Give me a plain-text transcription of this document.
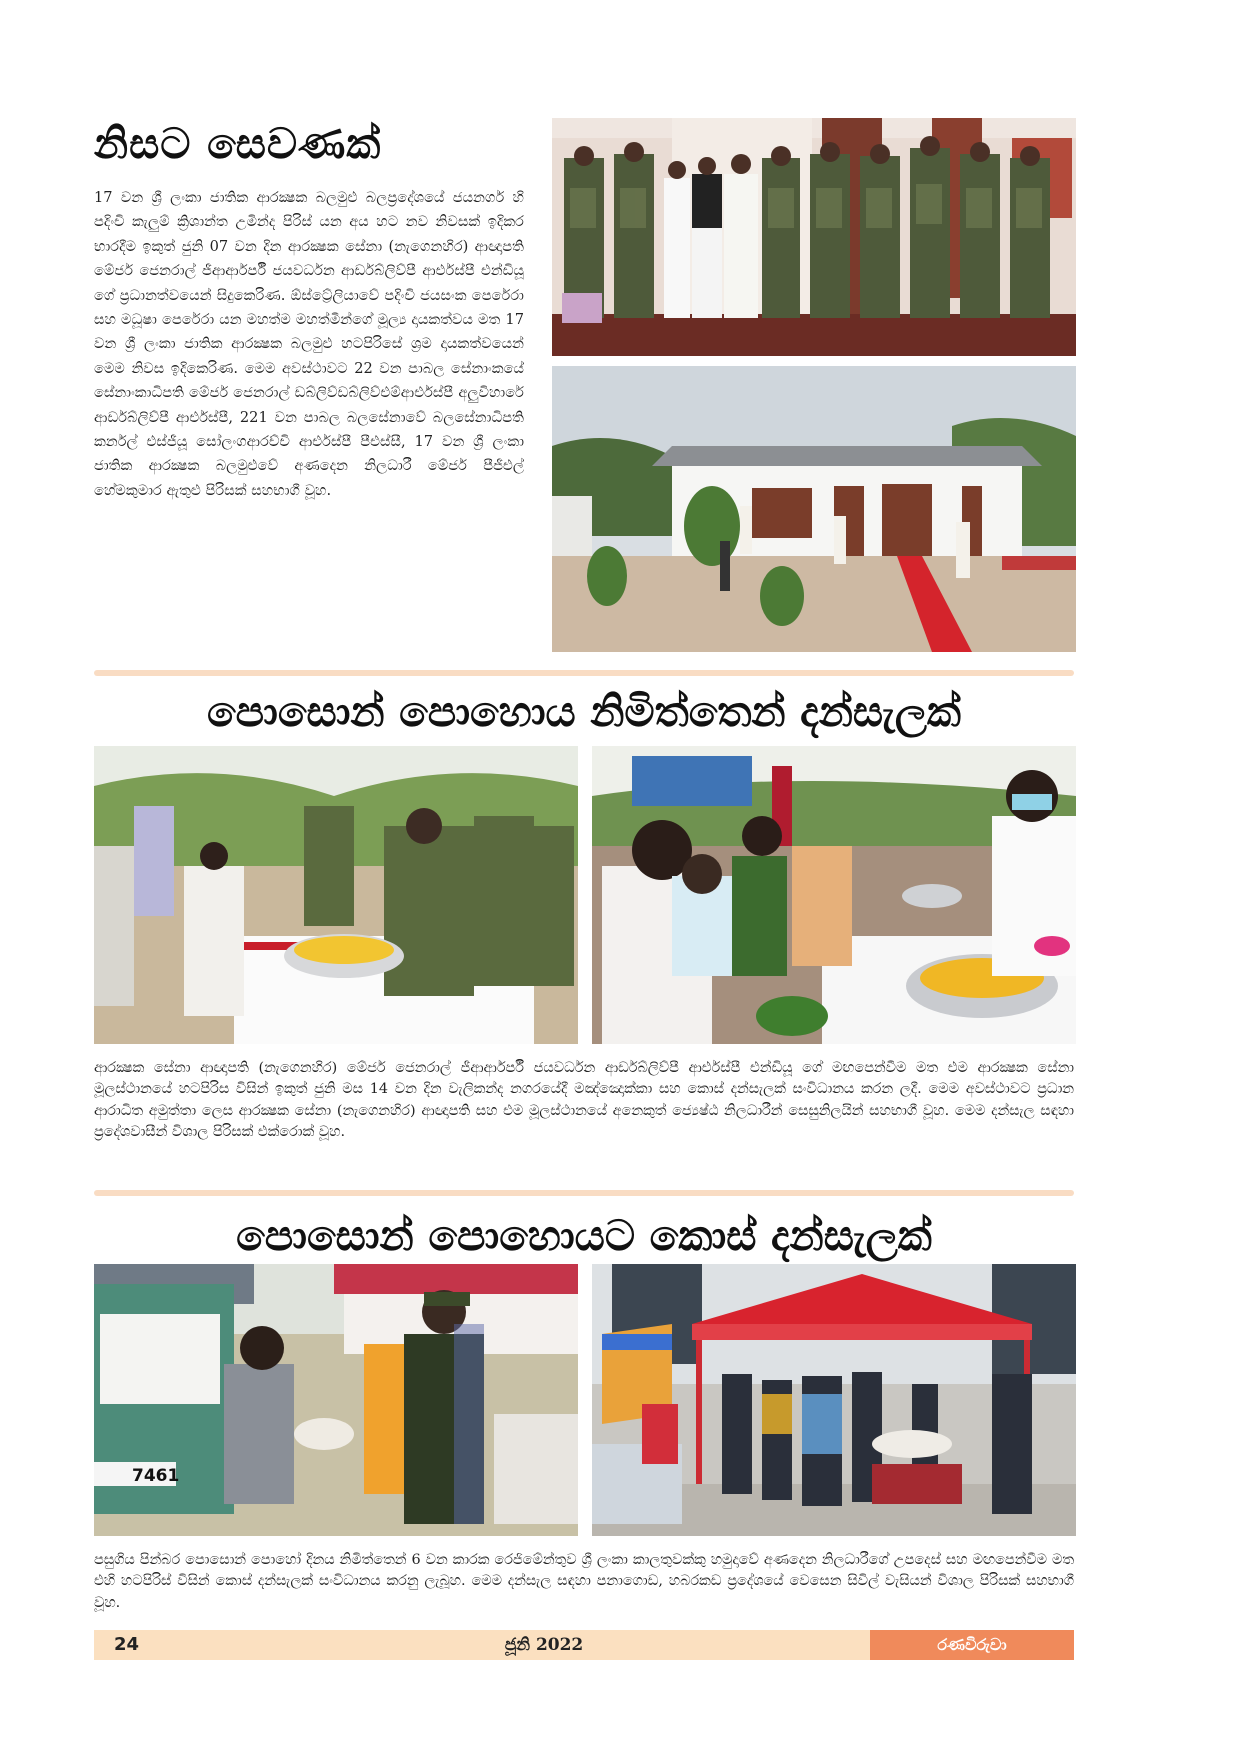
නිසට සෙවණක්
17 වන ශ්‍රී ලංකා ජාතික ආරක්‍ෂක බලමුළු බලප්‍රදේශයේ ජයනගර් හි පදිංචි කැලුම් ක්‍රිශාන්ත උමින්ද පිරිස් යන අය හට නව නිවසක් ඉදිකර භාරදීම ඉකුත් ජුනි 07 වන දින ආරක්‍ෂක සේනා (නැගෙනහිර) ආඥාපති මේජර් ජෙනරාල් ජීආර්ආර්පී ජයවර්ධන ආර්ඩබ්ලිව්පී ආර්එස්පී එන්ඩියූ ගේ ප්‍රධානත්වයෙන් සිදුකෙරිණ. ඕස්ට්‍රේලියාවේ පදිංචි ජයසංක පෙරේරා සහ මධූෂා පෙරේරා යන මහත්ම මහත්මීන්ගේ මූල්‍ය දායකත්වය මත 17 වන ශ්‍රී ලංකා ජාතික ආරක්‍ෂක බලමුළු හටපිරිසේ ශ්‍රම දායකත්වයෙන් මෙම නිවස ඉදිකෙරිණ. මෙම අවස්ථාවට 22 වන පාබල සේනාංකයේ සේනාංකාධිපති මේජර් ජෙනරාල් ඩබ්ලිව්ඩබ්ලිව්එම්ආර්එස්පී අලුවිහාරේ ආර්ඩබ්ලිව්පී ආර්එස්පී, 221 වන පාබල බලසේනාවේ බලසේනාධිපති කර්නල් එස්ජීයූ සෝලංගආරච්චි ආර්එස්පී පීඑස්සී, 17 වන ශ්‍රී ලංකා ජාතික ආරක්‍ෂක බලමුළුවේ අණදෙන නිලධාරී මේජර් පීජීඑල් හේමකුමාර ඇතුළු පිරිසක් සහභාගී වූහ.
පොසොන් පොහොය නිමිත්තෙන් දන්සැලක්
ආරක්‍ෂක සේනා ආඥාපති (නැගෙනහිර) මේජර් ජෙනරාල් ජීආර්ආර්පී ජයවර්ධන ආර්ඩබ්ලිව්පී ආර්එස්පී එන්ඩියූ ගේ මඟපෙන්වීම මත එම ආරක්‍ෂක සේනා මූලස්ථානයේ හටපිරිස විසින් ඉකුත් ජුනි මස 14 වන දින වැලිකන්ද නගරයේදී මඤ්ඤොක්කා සහ කොස් දන්සැලක් සංවිධානය කරන ලදී. මෙම අවස්ථාවට ප්‍රධාන ආරාධිත අමුත්තා ලෙස ආරක්‍ෂක සේනා (නැගෙනහිර) ආඥාපති සහ එම මූලස්ථානයේ අනෙකුත් ජ්‍යෙෂ්ඨ නිලධාරීන් සෙසුනිලයින් සහභාගී වූහ. මෙම දන්සැල සඳහා ප්‍රදේශවාසීන් විශාල පිරිසක් එක්රොක් වූහ.
පොසොන් පොහොයට කොස් දන්සැලක්
7461
පසුගිය පින්බර පොසොන් පොහෝ දිනය නිමිත්තෙන් 6 වන කාරක රෙජිමේන්තුව ශ්‍රී ලංකා කාලතුවක්කු හමුදාවේ අණදෙන නිලධාරීගේ උපදෙස් සහ මඟපෙන්වීම මත එහි හටපිරිස් විසින් කොස් දන්සැලක් සංවිධානය කරනු ලැබූහ. මෙම දන්සැල සඳහා පනාගොඩ, හබරකඩ ප්‍රදේශයේ වෙසෙන සිවිල් වැසියන් විශාල පිරිසක් සහභාගී වූහ.
24	ජූනි 2022	රණවිරුවා
